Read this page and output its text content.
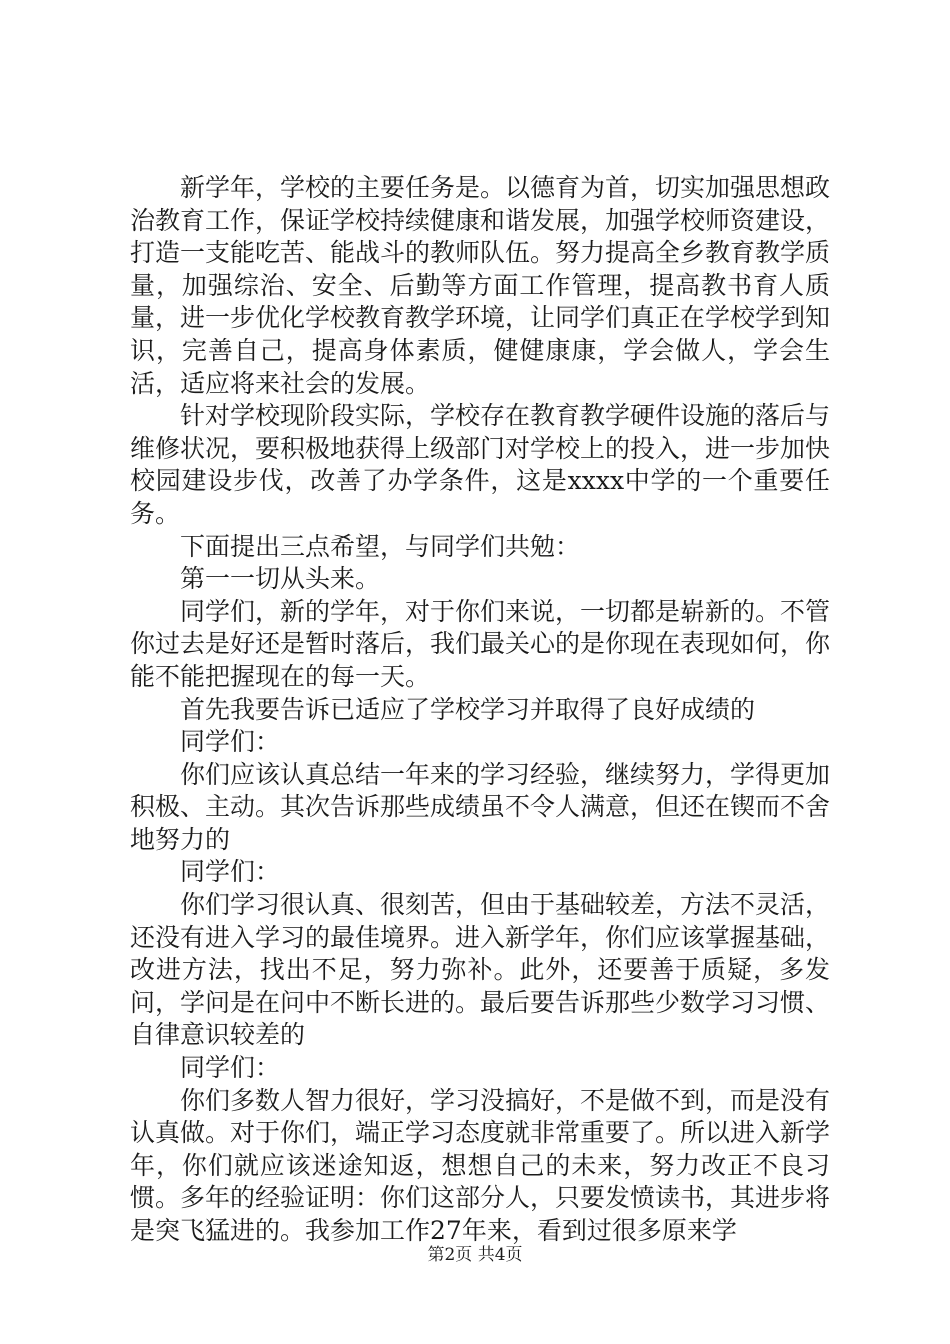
新学年，学校的主要任务是。以德育为首，切实加强思想政治教育工作，保证学校持续健康和谐发展，加强学校师资建设，打造一支能吃苦、能战斗的教师队伍。努力提高全乡教育教学质量，加强综治、安全、后勤等方面工作管理，提高教书育人质量，进一步优化学校教育教学环境，让同学们真正在学校学到知识，完善自己，提高身体素质，健健康康，学会做人，学会生活，适应将来社会的发展。

针对学校现阶段实际，学校存在教育教学硬件设施的落后与维修状况，要积极地获得上级部门对学校上的投入，进一步加快校园建设步伐，改善了办学条件，这是xxxx中学的一个重要任务。

下面提出三点希望，与同学们共勉：

第一一切从头来。

同学们，新的学年，对于你们来说，一切都是崭新的。不管你过去是好还是暂时落后，我们最关心的是你现在表现如何，你能不能把握现在的每一天。

首先我要告诉已适应了学校学习并取得了良好成绩的

同学们：

你们应该认真总结一年来的学习经验，继续努力，学得更加积极、主动。其次告诉那些成绩虽不令人满意，但还在锲而不舍地努力的

同学们：

你们学习很认真、很刻苦，但由于基础较差，方法不灵活，还没有进入学习的最佳境界。进入新学年，你们应该掌握基础，改进方法，找出不足，努力弥补。此外，还要善于质疑，多发问，学问是在问中不断长进的。最后要告诉那些少数学习习惯、自律意识较差的

同学们：

你们多数人智力很好，学习没搞好，不是做不到，而是没有认真做。对于你们，端正学习态度就非常重要了。所以进入新学年，你们就应该迷途知返，想想自己的未来，努力改正不良习惯。多年的经验证明：你们这部分人，只要发愤读书，其进步将是突飞猛进的。我参加工作27年来，看到过很多原来学

第2页 共4页
